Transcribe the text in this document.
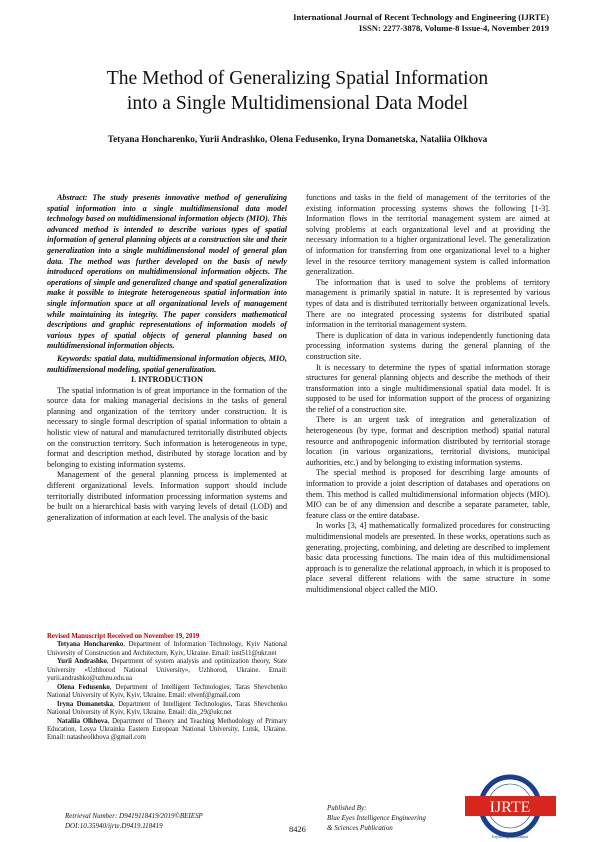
International Journal of Recent Technology and Engineering (IJRTE)
ISSN: 2277-3878, Volume-8 Issue-4, November 2019
The Method of Generalizing Spatial Information
into a Single Multidimensional Data Model
Tetyana Honcharenko, Yurii Andrashko, Olena Fedusenko, Iryna Domanetska, Nataliia Olkhova

Abstract: The study presents innovative method of generalizing spatial information into a single multidimensional data model technology based on multidimensional information objects (MIO). This advanced method is intended to describe various types of spatial information of general planning objects at a construction site and their generalization into a single multidimensional model of general plan data. The method was further developed on the basis of newly introduced operations on multidimensional information objects. The operations of simple and generalized change and spatial generalization make it possible to integrate heterogeneous spatial information into single information space at all organizational levels of management while maintaining its integrity. The paper considers mathematical descriptions and graphic representations of information models of various types of spatial objects of general planning based on multidimensional information objects.

Keywords: spatial data, multidimensional information objects, MIO, multidimensional modeling, spatial generalization.

I. INTRODUCTION

The spatial information is of great importance in the formation of the source data for making managerial decisions in the tasks of general planning and organization of the territory under construction. It is necessary to single formal description of spatial information to obtain a holistic view of natural and manufactured territorially distributed objects on the construction territory. Such information is heterogeneous in type, format and description method, distributed by storage location and by belonging to existing information systems.

Management of the general planning process is implemented at different organizational levels. Information support should include territorially distributed information processing information systems and be built on a hierarchical basis with varying levels of detail (LOD) and generalization of information at each level. The analysis of the basic

Revised Manuscript Received on November 19, 2019

Tetyana Honcharenko, Department of Information Technology, Kyiv National University of Construction and Architecture, Kyiv, Ukraine. Email: iust511@ukr.net

Yurii Andrashko, Department of system analysis and optimization theory, State University «Uzhhorod National University», Uzhhorod, Ukraine. Email: yurii.andrashko@uzhnu.edu.ua

Olena Fedusenko, Department of Intelligent Technologies, Taras Shevchenko National University of Kyiv, Kyiv, Ukraine. Email: elvenf@gmail.com

Iryna Domanetska, Department of Intelligent Technologies, Taras Shevchenko National University of Kyiv, Kyiv, Ukraine. Email: din_29@ukr.net

Nataliia Olkhova, Department of Theory and Teaching Methodology of Primary Education, Lesya Ukrainka Eastern European National University, Lutsk, Ukraine. Email: natasheolkhova @gmail.com

functions and tasks in the field of management of the territories of the existing information processing systems shows the following [1-3]. Information flows in the territorial management system are aimed at solving problems at each organizational level and at providing the necessary information to a higher organizational level. The generalization of information for transferring from one organizational level to a higher level in the resource territory management system is called information generalization.

The information that is used to solve the problems of territory management is primarily spatial in nature. It is represented by various types of data and is distributed territorially between organizational levels. There are no integrated processing systems for distributed spatial information in the territorial management system.

There is duplication of data in various independently functioning data processing information systems during the general planning of the construction site.

It is necessary to determine the types of spatial information storage structures for general planning objects and describe the methods of their transformation into a single multidimensional spatial data model. It is supposed to be used for information support of the process of organizing the relief of a construction site.

There is an urgent task of integration and generalization of heterogeneous (by type, format and description method) spatial natural resource and anthropogenic information distributed by territorial storage location (in various organizations, territorial divisions, municipal authorities, etc.) and by belonging to existing information systems.

The special method is proposed for describing large amounts of information to provide a joint description of databases and operations on them. This method is called multidimensional information objects (MIO). MIO can be of any dimension and describe a separate parameter, table, feature class or the entire database.

In works [3, 4] mathematically formalized procedures for constructing multidimensional models are presented. In these works, operations such as generating, projecting, combining, and deleting are described to implement basic data processing functions. The main idea of this multidimensional approach is to generalize the relational approach, in which it is proposed to place several different relations with the same structure in some multidimensional object called the MIO.

Retrieval Number: D9419118419/2019©BEIESP
DOI:10.35940/ijrte.D9419.118419	8426
Published By:
Blue Eyes Intelligence Engineering
& Sciences Publication
IJRTE
Exploring Innovation
